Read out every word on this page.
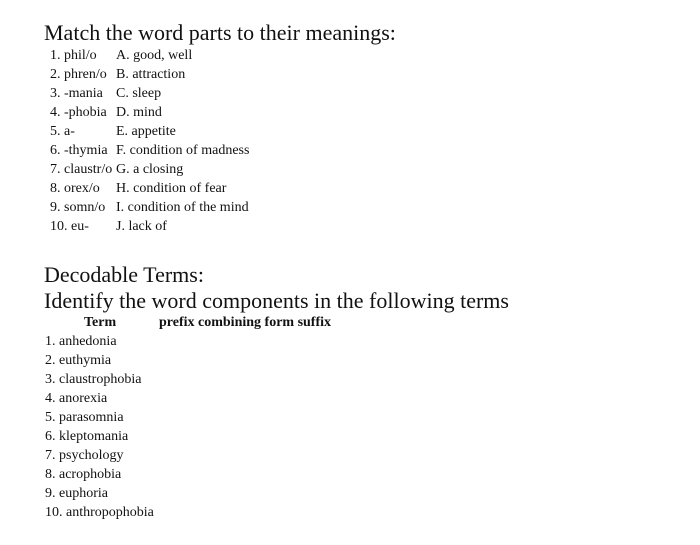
Match the word parts to their meanings:
1. phil/o A. good, well
2. phren/o B. attraction
3. -mania C. sleep
4. -phobia D. mind
5. a-	E. appetite
6. -thymia F. condition of madness
7. claustr/o G. a closing
8. orex/o H. condition of fear
9. somn/o I. condition of the mind
10. eu- J. lack of
Decodable Terms:
Identify the word components in the following terms
Term	prefix combining form suffix
1. anhedonia
2. euthymia
3. claustrophobia
4. anorexia
5. parasomnia
6. kleptomania
7. psychology
8. acrophobia
9. euphoria
10. anthropophobia
